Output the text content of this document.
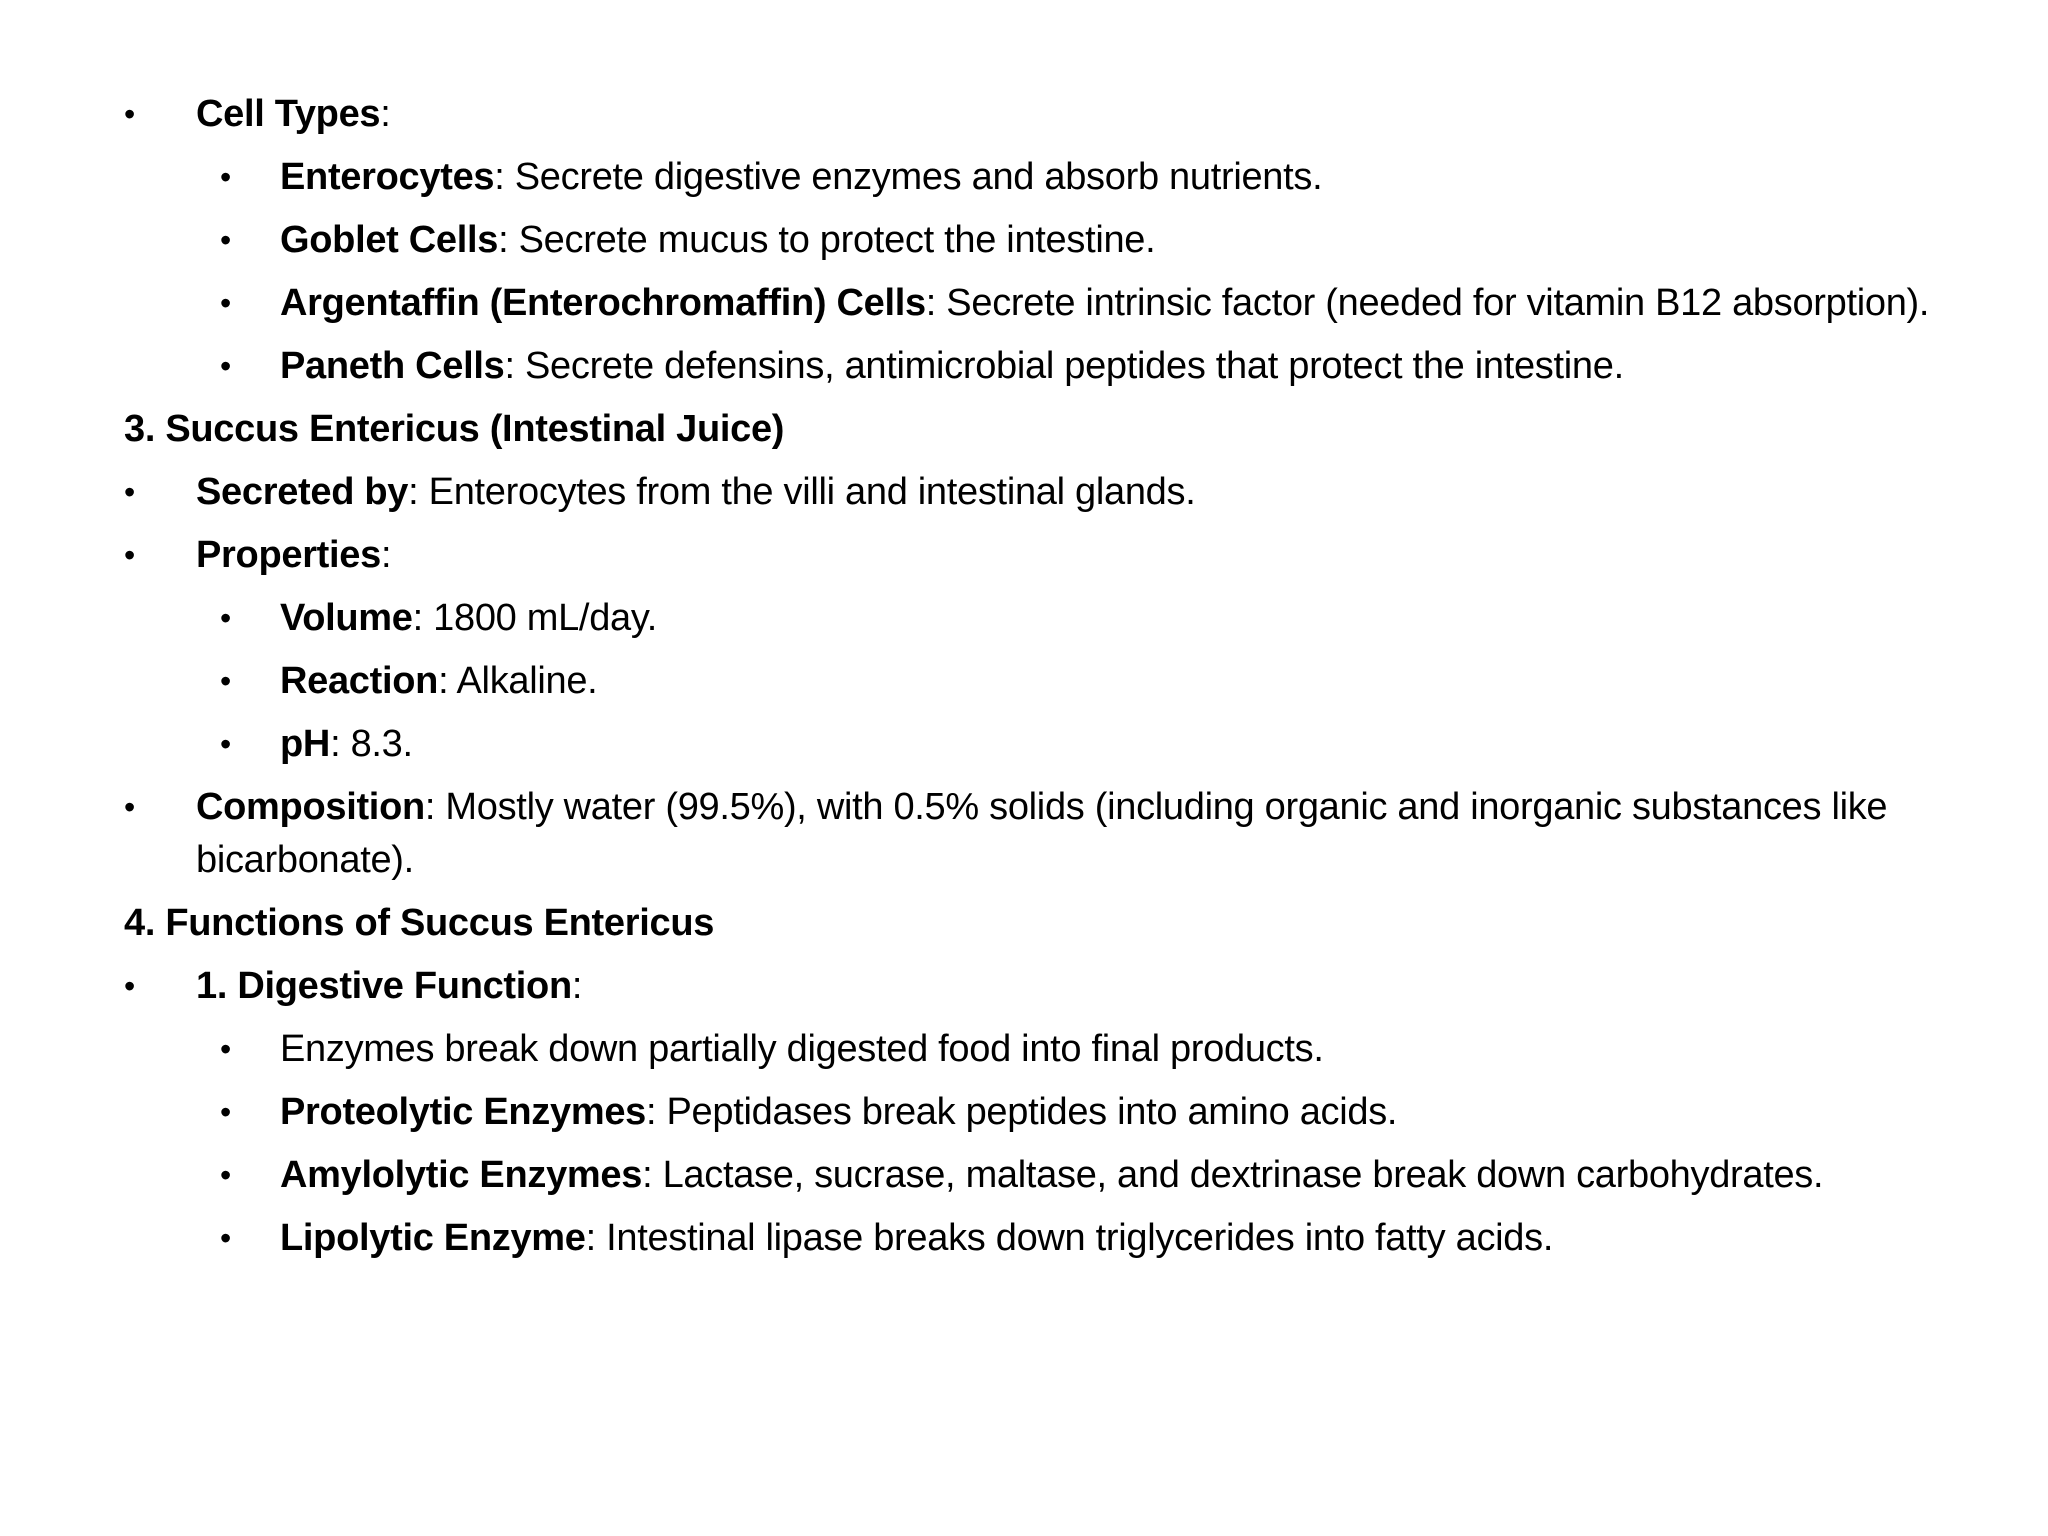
• Cell Types:

• Enterocytes: Secrete digestive enzymes and absorb nutrients.

• Goblet Cells: Secrete mucus to protect the intestine.

• Argentaffin (Enterochromaffin) Cells: Secrete intrinsic factor (needed for vitamin B12 absorption).

• Paneth Cells: Secrete defensins, antimicrobial peptides that protect the intestine.

3. Succus Entericus (Intestinal Juice)

• Secreted by: Enterocytes from the villi and intestinal glands.

• Properties:

• Volume: 1800 mL/day.

• Reaction: Alkaline.

• pH: 8.3.

• Composition: Mostly water (99.5%), with 0.5% solids (including organic and inorganic substances like bicarbonate).

4. Functions of Succus Entericus

• 1. Digestive Function:

• Enzymes break down partially digested food into final products.

• Proteolytic Enzymes: Peptidases break peptides into amino acids.

• Amylolytic Enzymes: Lactase, sucrase, maltase, and dextrinase break down carbohydrates.

• Lipolytic Enzyme: Intestinal lipase breaks down triglycerides into fatty acids.
